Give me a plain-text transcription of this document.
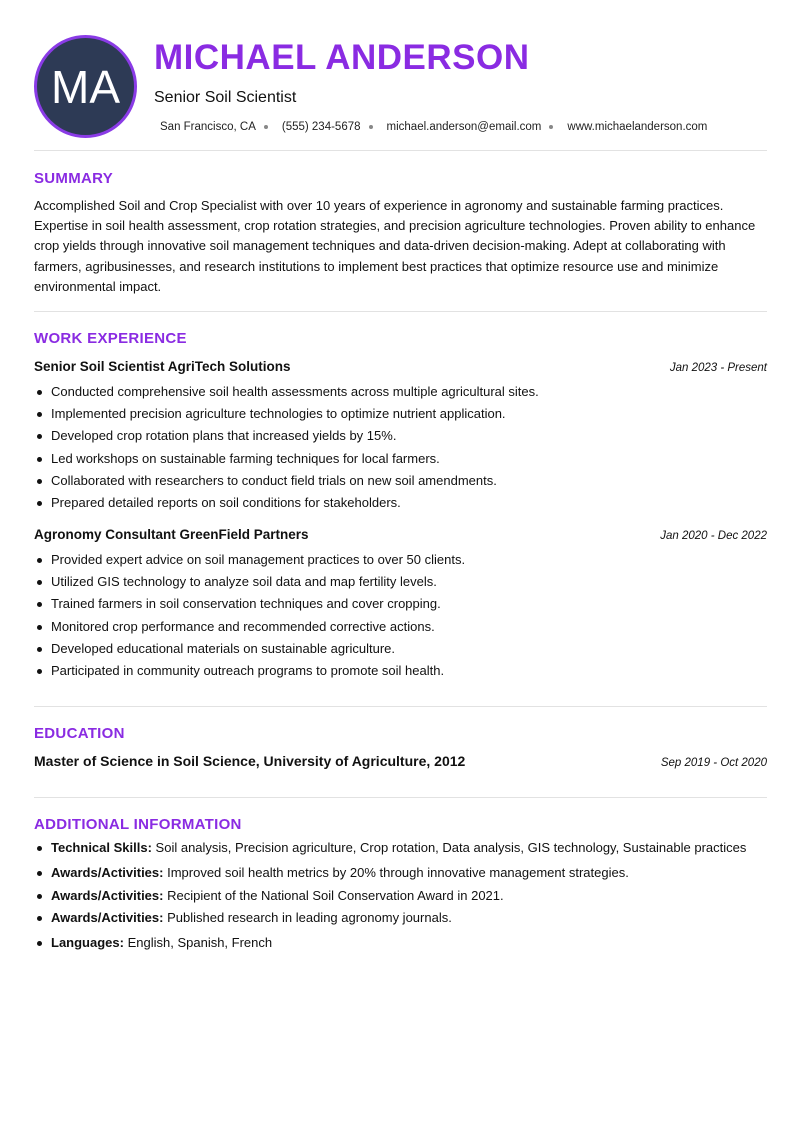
MA
MICHAEL ANDERSON
Senior Soil Scientist
San Francisco, CA (555) 234-5678 michael.anderson@email.com www.michaelanderson.com
SUMMARY

Accomplished Soil and Crop Specialist with over 10 years of experience in agronomy and sustainable farming practices. Expertise in soil health assessment, crop rotation strategies, and precision agriculture technologies. Proven ability to enhance crop yields through innovative soil management techniques and data-driven decision-making. Adept at collaborating with farmers, agribusinesses, and research institutions to implement best practices that optimize resource use and minimize environmental impact.

WORK EXPERIENCE
Senior Soil Scientist AgriTech Solutions	Jan 2023 - Present
Conducted comprehensive soil health assessments across multiple agricultural sites.
Implemented precision agriculture technologies to optimize nutrient application.
Developed crop rotation plans that increased yields by 15%.
Led workshops on sustainable farming techniques for local farmers.
Collaborated with researchers to conduct field trials on new soil amendments.
Prepared detailed reports on soil conditions for stakeholders.
Agronomy Consultant GreenField Partners	Jan 2020 - Dec 2022
Provided expert advice on soil management practices to over 50 clients.
Utilized GIS technology to analyze soil data and map fertility levels.
Trained farmers in soil conservation techniques and cover cropping.
Monitored crop performance and recommended corrective actions.
Developed educational materials on sustainable agriculture.
Participated in community outreach programs to promote soil health.
EDUCATION
Master of Science in Soil Science, University of Agriculture, 2012	Sep 2019 - Oct 2020
ADDITIONAL INFORMATION
Technical Skills: Soil analysis, Precision agriculture, Crop rotation, Data analysis, GIS technology, Sustainable practices
Awards/Activities: Improved soil health metrics by 20% through innovative management strategies.
Awards/Activities: Recipient of the National Soil Conservation Award in 2021.
Awards/Activities: Published research in leading agronomy journals.
Languages: English, Spanish, French
